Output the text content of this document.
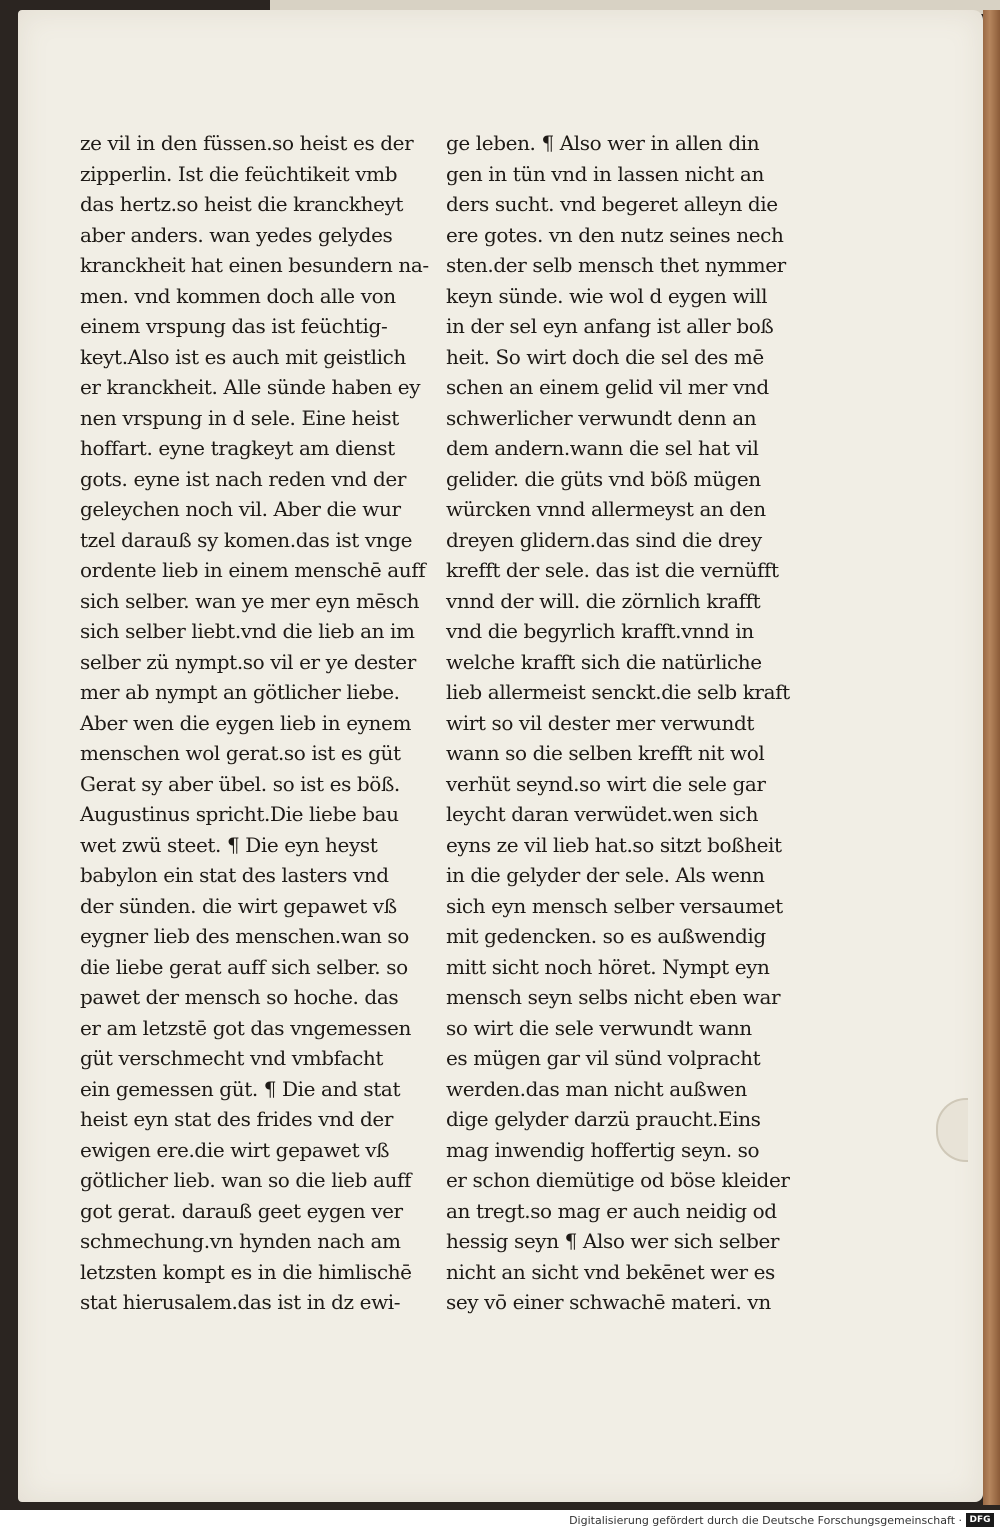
ze vil in den füssen.so heist es der
zipperlin. Ist die feüchtikeit vmb
das hertz.so heist die kranckheyt
aber anders. wan yedes gelydes
kranckheit hat einen besundern na-
men. vnd kommen doch alle von
einem vrspung das ist feüchtig-
keyt.Also ist es auch mit geistlich
er kranckheit. Alle sünde haben ey
nen vrspung in d sele. Eine heist
hoffart. eyne tragkeyt am dienst
gots. eyne ist nach reden vnd der
geleychen noch vil. Aber die wur
tzel darauß sy komen.das ist vnge
ordente lieb in einem menschē auff
sich selber. wan ye mer eyn mēsch
sich selber liebt.vnd die lieb an im
selber zü nympt.so vil er ye dester
mer ab nympt an götlicher liebe.
Aber wen die eygen lieb in eynem
menschen wol gerat.so ist es güt
Gerat sy aber übel. so ist es böß.
Augustinus spricht.Die liebe bau
wet zwü steet. ¶ Die eyn heyst
babylon ein stat des lasters vnd
der sünden. die wirt gepawet vß
eygner lieb des menschen.wan so
die liebe gerat auff sich selber. so
pawet der mensch so hoche. das
er am letzstē got das vngemessen
güt verschmecht vnd vmbfacht
ein gemessen güt. ¶ Die and stat
heist eyn stat des frides vnd der
ewigen ere.die wirt gepawet vß
götlicher lieb. wan so die lieb auff
got gerat. darauß geet eygen ver
schmechung.vn hynden nach am
letzsten kompt es in die himlischē
stat hierusalem.das ist in dz ewi-
ge leben. ¶ Also wer in allen din
gen in tün vnd in lassen nicht an
ders sucht. vnd begeret alleyn die
ere gotes. vn den nutz seines nech
sten.der selb mensch thet nymmer
keyn sünde. wie wol d eygen will
in der sel eyn anfang ist aller boß
heit. So wirt doch die sel des mē
schen an einem gelid vil mer vnd
schwerlicher verwundt denn an
dem andern.wann die sel hat vil
gelider. die güts vnd böß mügen
würcken vnnd allermeyst an den
dreyen glidern.das sind die drey
krefft der sele. das ist die vernüfft
vnnd der will. die zörnlich krafft
vnd die begyrlich krafft.vnnd in
welche krafft sich die natürliche
lieb allermeist senckt.die selb kraft
wirt so vil dester mer verwundt
wann so die selben krefft nit wol
verhüt seynd.so wirt die sele gar
leycht daran verwüdet.wen sich
eyns ze vil lieb hat.so sitzt boßheit
in die gelyder der sele. Als wenn
sich eyn mensch selber versaumet
mit gedencken. so es außwendig
mitt sicht noch höret. Nympt eyn
mensch seyn selbs nicht eben war
so wirt die sele verwundt wann
es mügen gar vil sünd volpracht
werden.das man nicht außwen
dige gelyder darzü praucht.Eins
mag inwendig hoffertig seyn. so
er schon diemütige od böse kleider
an tregt.so mag er auch neidig od
hessig seyn ¶ Also wer sich selber
nicht an sicht vnd bekēnet wer es
sey vō einer schwachē materi. vn
Digitalisierung gefördert durch die Deutsche Forschungsgemeinschaft · DFG
